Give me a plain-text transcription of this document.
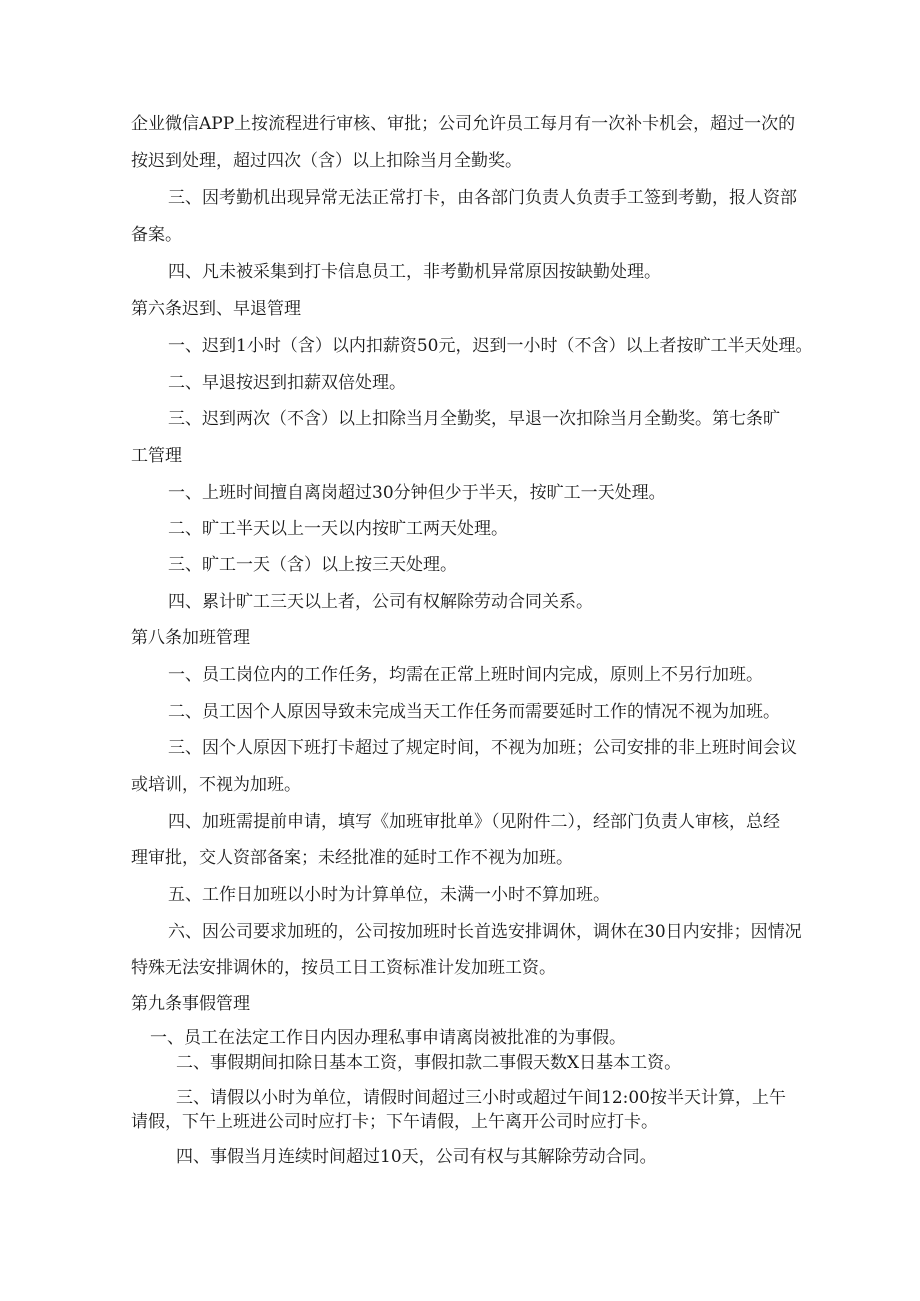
企业微信APP上按流程进行审核、审批；公司允许员工每月有一次补卡机会，超过一次的
按迟到处理，超过四次（含）以上扣除当月全勤奖。
三、因考勤机出现异常无法正常打卡，由各部门负责人负责手工签到考勤，报人资部
备案。
四、凡未被采集到打卡信息员工，非考勤机异常原因按缺勤处理。
第六条迟到、早退管理
一、迟到1小时（含）以内扣薪资50元，迟到一小时（不含）以上者按旷工半天处理。
二、早退按迟到扣薪双倍处理。
三、迟到两次（不含）以上扣除当月全勤奖，早退一次扣除当月全勤奖。第七条旷
工管理
一、上班时间擅自离岗超过30分钟但少于半天，按旷工一天处理。
二、旷工半天以上一天以内按旷工两天处理。
三、旷工一天（含）以上按三天处理。
四、累计旷工三天以上者，公司有权解除劳动合同关系。
第八条加班管理
一、员工岗位内的工作任务，均需在正常上班时间内完成，原则上不另行加班。
二、员工因个人原因导致未完成当天工作任务而需要延时工作的情况不视为加班。
三、因个人原因下班打卡超过了规定时间，不视为加班；公司安排的非上班时间会议
或培训，不视为加班。
四、加班需提前申请，填写《加班审批单》（见附件二），经部门负责人审核，总经
理审批，交人资部备案；未经批准的延时工作不视为加班。
五、工作日加班以小时为计算单位，未满一小时不算加班。
六、因公司要求加班的，公司按加班时长首选安排调休，调休在30日内安排；因情况
特殊无法安排调休的，按员工日工资标准计发加班工资。
第九条事假管理
一、员工在法定工作日内因办理私事申请离岗被批准的为事假。
二、事假期间扣除日基本工资，事假扣款二事假天数X日基本工资。
三、请假以小时为单位，请假时间超过三小时或超过午间12:00按半天计算，上午
请假，下午上班进公司时应打卡；下午请假，上午离开公司时应打卡。
四、事假当月连续时间超过10天，公司有权与其解除劳动合同。
